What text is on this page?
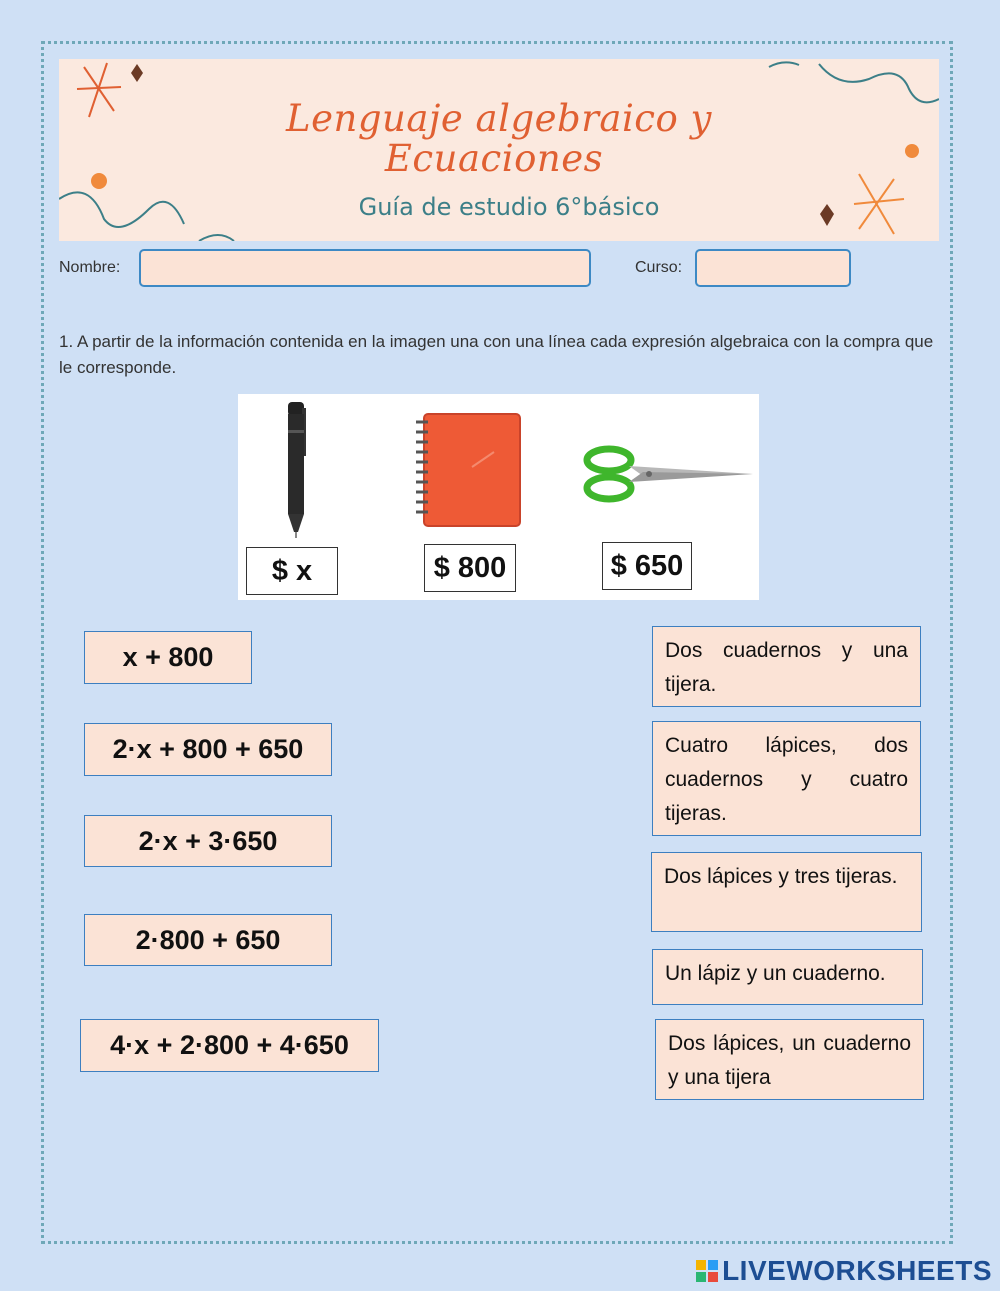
Lenguaje algebraico y
Ecuaciones
Guía de estudio 6°básico
Nombre:	Curso:
1. A partir de la información contenida en la imagen una con una línea cada expresión algebraica con la compra que le corresponde.
$ x	$ 800	$ 650
x + 800
2·x + 800 + 650
2·x + 3·650
2·800 + 650
4·x + 2·800 + 4·650
Dos cuadernos y una tijera.
Cuatro lápices, dos cuadernos y cuatro tijeras.
Dos lápices y tres tijeras.
Un lápiz y un cuaderno.
Dos lápices, un cuaderno y una tijera
LIVEWORKSHEETS
